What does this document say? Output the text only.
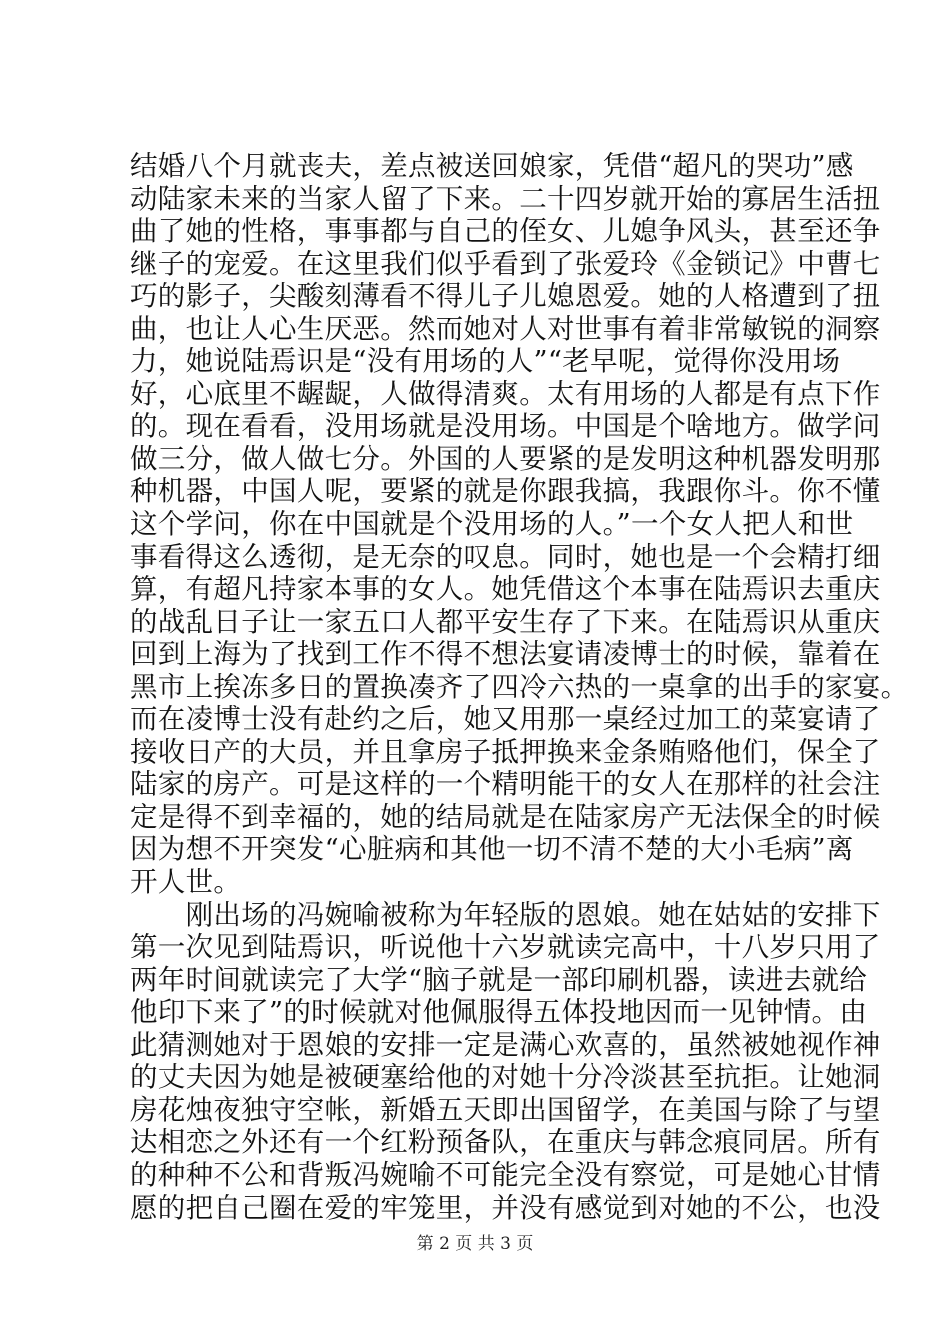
结婚八个月就丧夫，差点被送回娘家，凭借“超凡的哭功”感
动陆家未来的当家人留了下来。二十四岁就开始的寡居生活扭
曲了她的性格，事事都与自己的侄女、儿媳争风头，甚至还争
继子的宠爱。在这里我们似乎看到了张爱玲《金锁记》中曹七
巧的影子，尖酸刻薄看不得儿子儿媳恩爱。她的人格遭到了扭
曲，也让人心生厌恶。然而她对人对世事有着非常敏锐的洞察
力，她说陆焉识是“没有用场的人”“老早呢，觉得你没用场
好，心底里不龌龊，人做得清爽。太有用场的人都是有点下作
的。现在看看，没用场就是没用场。中国是个啥地方。做学问
做三分，做人做七分。外国的人要紧的是发明这种机器发明那
种机器，中国人呢，要紧的就是你跟我搞，我跟你斗。你不懂
这个学问，你在中国就是个没用场的人。”一个女人把人和世
事看得这么透彻，是无奈的叹息。同时，她也是一个会精打细
算，有超凡持家本事的女人。她凭借这个本事在陆焉识去重庆
的战乱日子让一家五口人都平安生存了下来。在陆焉识从重庆
回到上海为了找到工作不得不想法宴请凌博士的时候，靠着在
黑市上挨冻多日的置换凑齐了四冷六热的一桌拿的出手的家宴。
而在凌博士没有赴约之后，她又用那一桌经过加工的菜宴请了
接收日产的大员，并且拿房子抵押换来金条贿赂他们，保全了
陆家的房产。可是这样的一个精明能干的女人在那样的社会注
定是得不到幸福的，她的结局就是在陆家房产无法保全的时候
因为想不开突发“心脏病和其他一切不清不楚的大小毛病”离
开人世。
　　刚出场的冯婉喻被称为年轻版的恩娘。她在姑姑的安排下
第一次见到陆焉识，听说他十六岁就读完高中，十八岁只用了
两年时间就读完了大学“脑子就是一部印刷机器，读进去就给
他印下来了”的时候就对他佩服得五体投地因而一见钟情。由
此猜测她对于恩娘的安排一定是满心欢喜的，虽然被她视作神
的丈夫因为她是被硬塞给他的对她十分冷淡甚至抗拒。让她洞
房花烛夜独守空帐，新婚五天即出国留学，在美国与除了与望
达相恋之外还有一个红粉预备队，在重庆与韩念痕同居。所有
的种种不公和背叛冯婉喻不可能完全没有察觉，可是她心甘情
愿的把自己圈在爱的牢笼里，并没有感觉到对她的不公，也没
第 2 页 共 3 页
